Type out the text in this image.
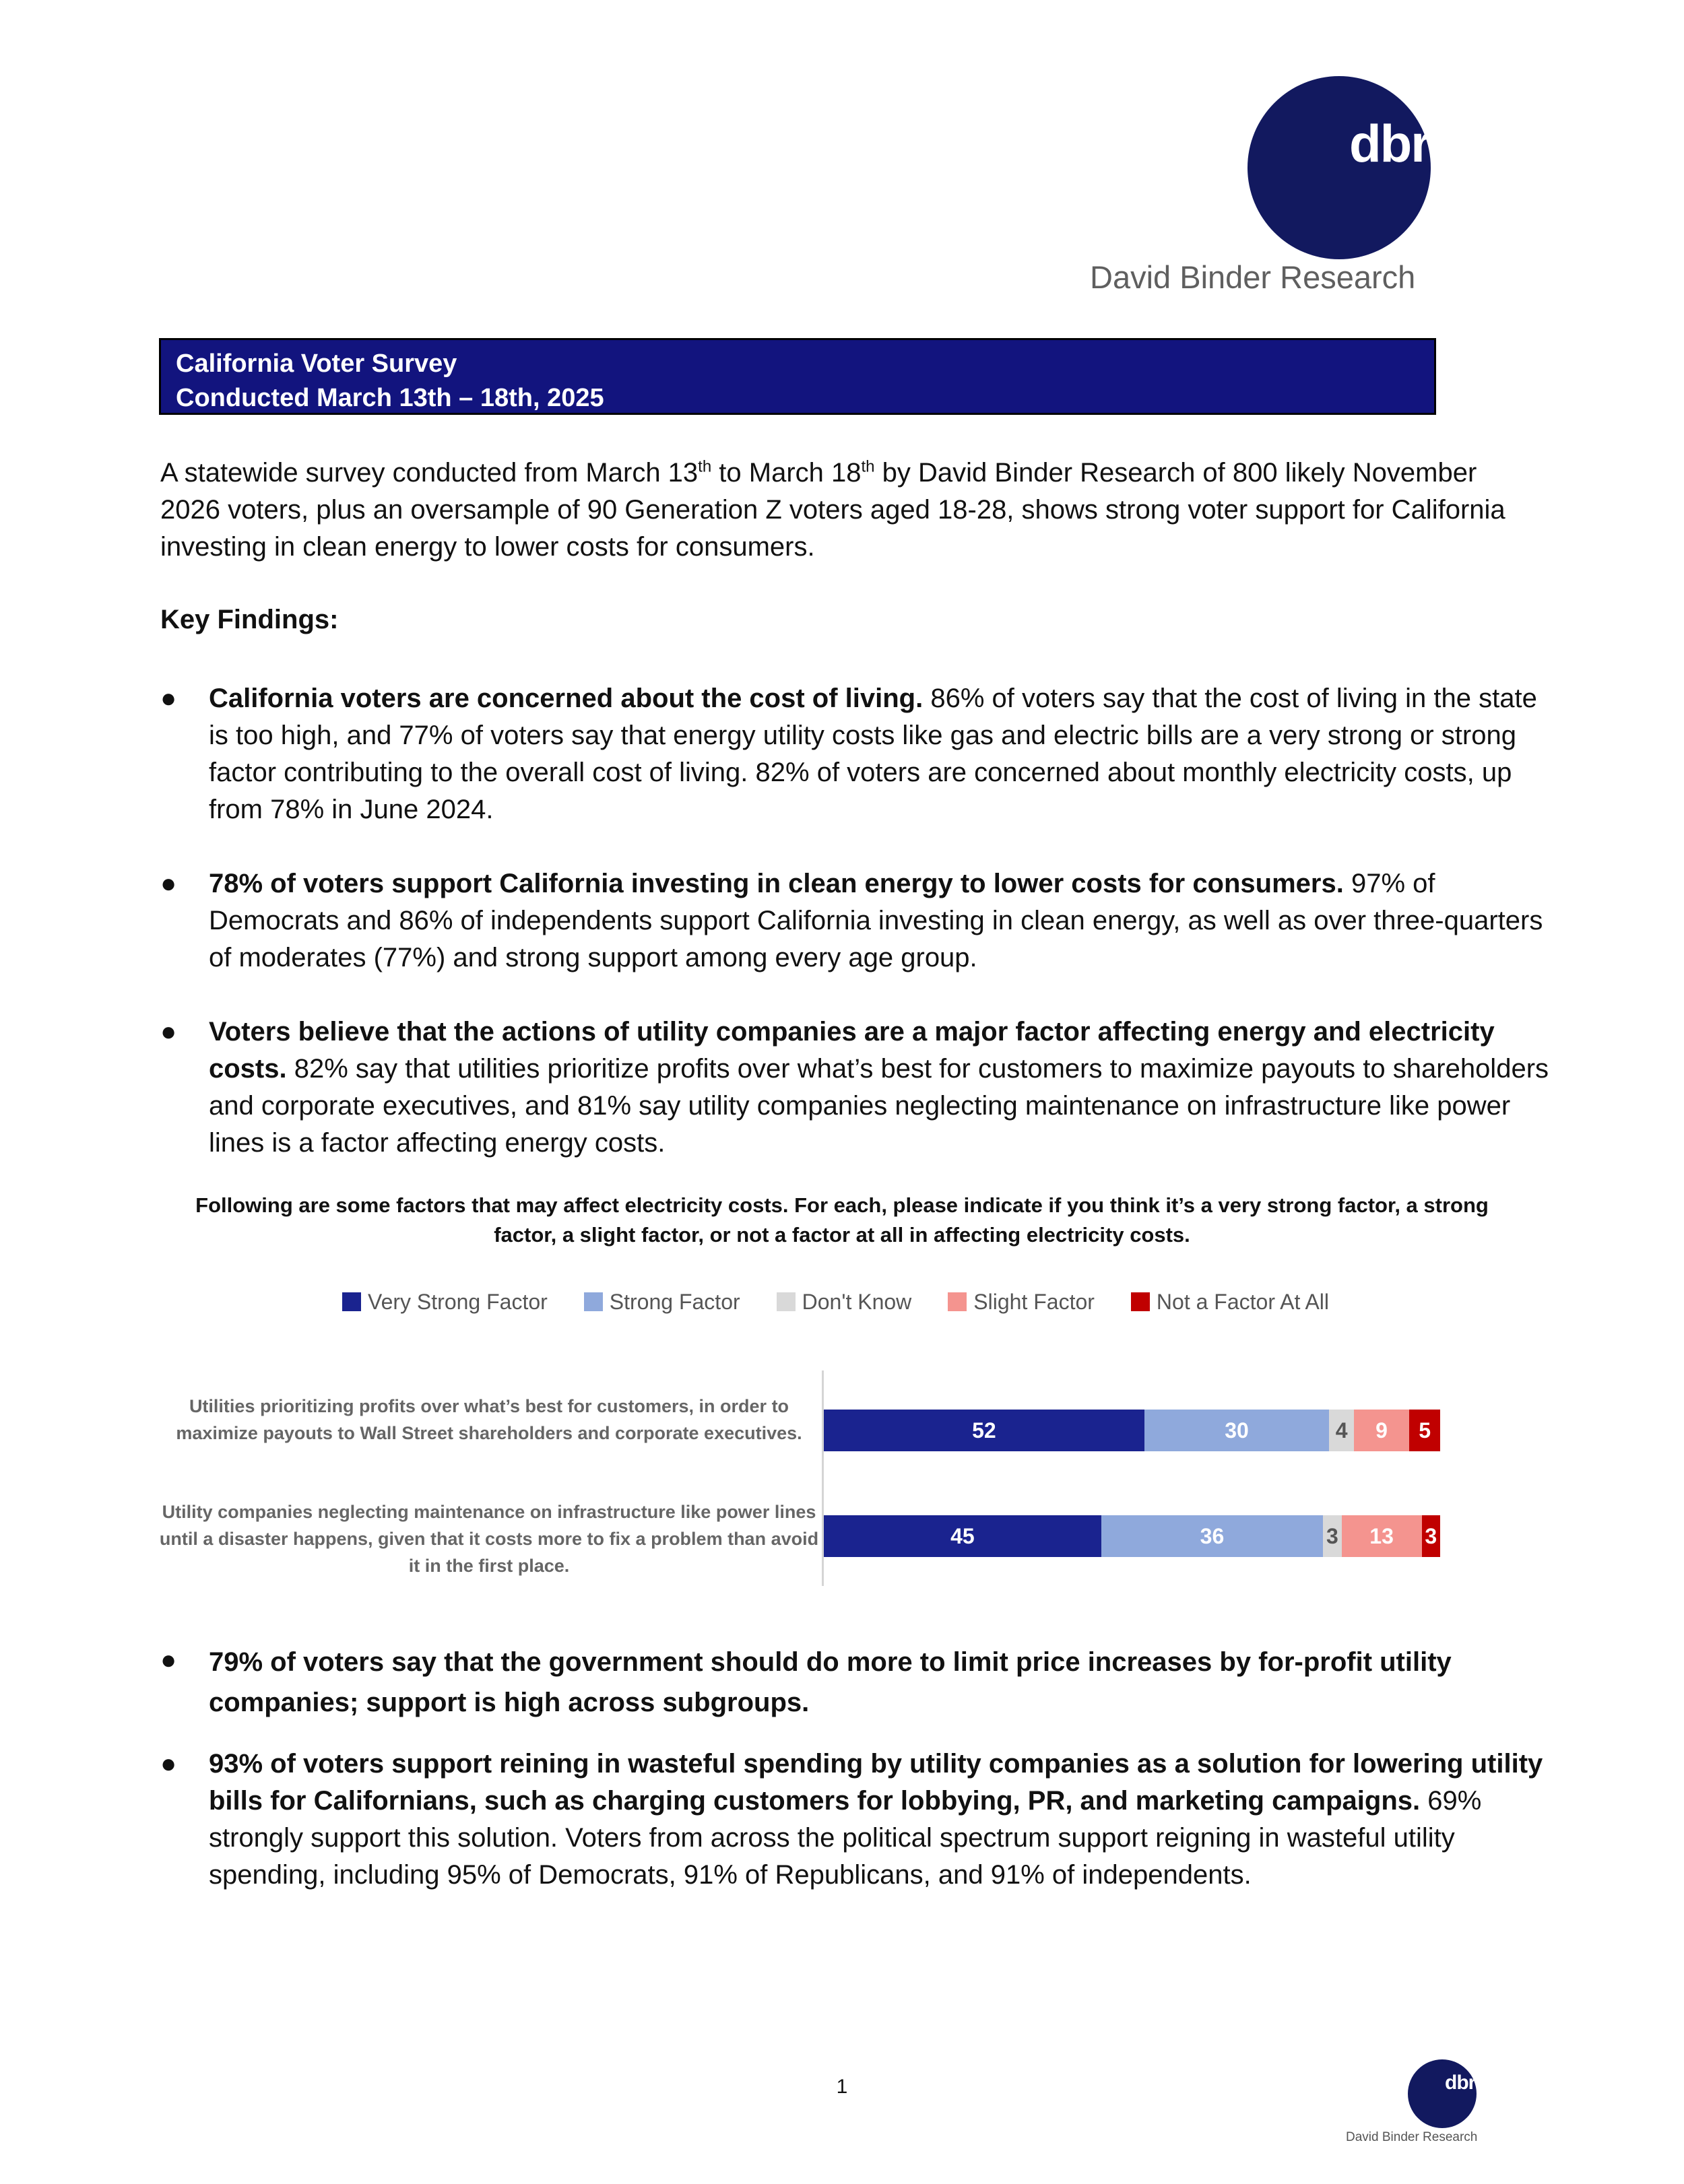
dbr
David Binder Research
California Voter Survey
Conducted March 13th – 18th, 2025
A statewide survey conducted from March 13th to March 18th by David Binder Research of 800 likely November 2026 voters, plus an oversample of 90 Generation Z voters aged 18-28, shows strong voter support for California investing in clean energy to lower costs for consumers.
Key Findings:
● California voters are concerned about the cost of living. 86% of voters say that the cost of living in the state is too high, and 77% of voters say that energy utility costs like gas and electric bills are a very strong or strong factor contributing to the overall cost of living. 82% of voters are concerned about monthly electricity costs, up from 78% in June 2024.
● 78% of voters support California investing in clean energy to lower costs for consumers. 97% of Democrats and 86% of independents support California investing in clean energy, as well as over three-quarters of moderates (77%) and strong support among every age group.
● Voters believe that the actions of utility companies are a major factor affecting energy and electricity costs. 82% say that utilities prioritize profits over what’s best for customers to maximize payouts to shareholders and corporate executives, and 81% say utility companies neglecting maintenance on infrastructure like power lines is a factor affecting energy costs.
Following are some factors that may affect electricity costs. For each, please indicate if you think it’s a very strong factor, a strong factor, a slight factor, or not a factor at all in affecting electricity costs.
Very Strong Factor	Strong Factor	Don't Know	Slight Factor	Not a Factor At All
Utilities prioritizing profits over what’s best for customers, in order to maximize payouts to Wall Street shareholders and corporate executives.
Utility companies neglecting maintenance on infrastructure like power lines until a disaster happens, given that it costs more to fix a problem than avoid it in the first place.
52	30	4	9	5
45	36	3	13	3
● 79% of voters say that the government should do more to limit price increases by for-profit utility companies; support is high across subgroups.
● 93% of voters support reining in wasteful spending by utility companies as a solution for lowering utility bills for Californians, such as charging customers for lobbying, PR, and marketing campaigns. 69% strongly support this solution. Voters from across the political spectrum support reigning in wasteful utility spending, including 95% of Democrats, 91% of Republicans, and 91% of independents.
1	dbr
David Binder Research
